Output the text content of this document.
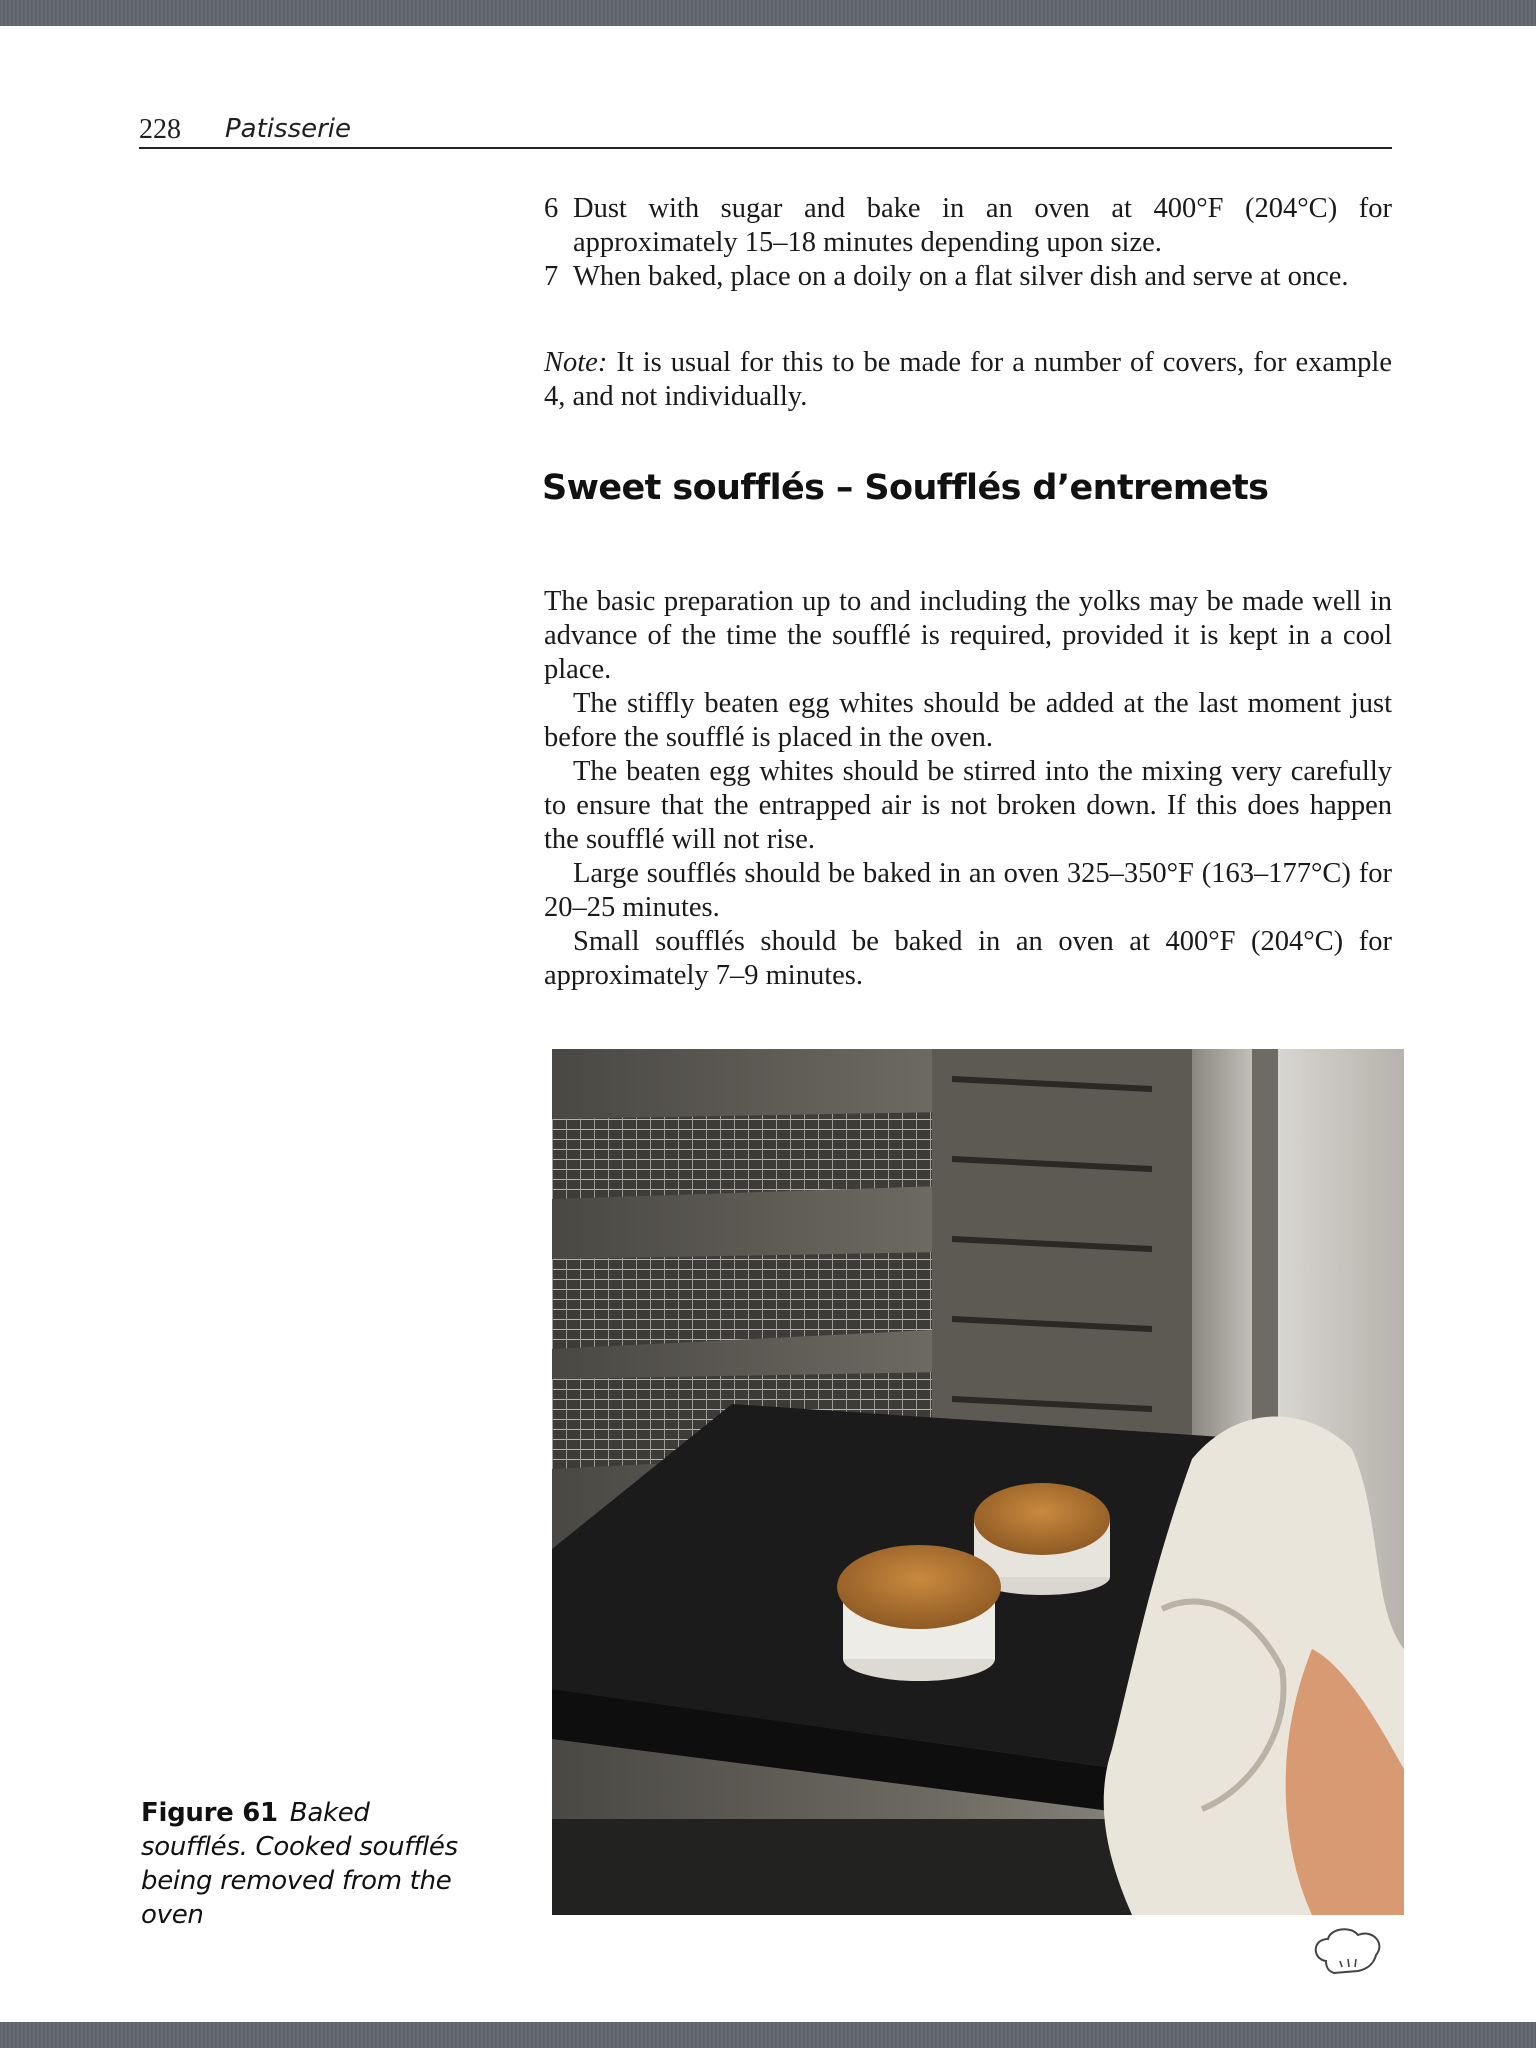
228 Patisserie
6 Dust with sugar and bake in an oven at 400°F (204°C) for approximately 15–18 minutes depending upon size.
7 When baked, place on a doily on a flat silver dish and serve at once.
Note: It is usual for this to be made for a number of covers, for example 4, and not individually.
Sweet soufflés – Soufflés d’entremets

The basic preparation up to and including the yolks may be made well in advance of the time the soufflé is required, provided it is kept in a cool place.

The stiffly beaten egg whites should be added at the last moment just before the soufflé is placed in the oven.

The beaten egg whites should be stirred into the mixing very carefully to ensure that the entrapped air is not broken down. If this does happen the soufflé will not rise.

Large soufflés should be baked in an oven 325–350°F (163–177°C) for 20–25 minutes.

Small soufflés should be baked in an oven at 400°F (204°C) for approximately 7–9 minutes.

Figure 61 Baked soufflés. Cooked soufflés being removed from the oven
